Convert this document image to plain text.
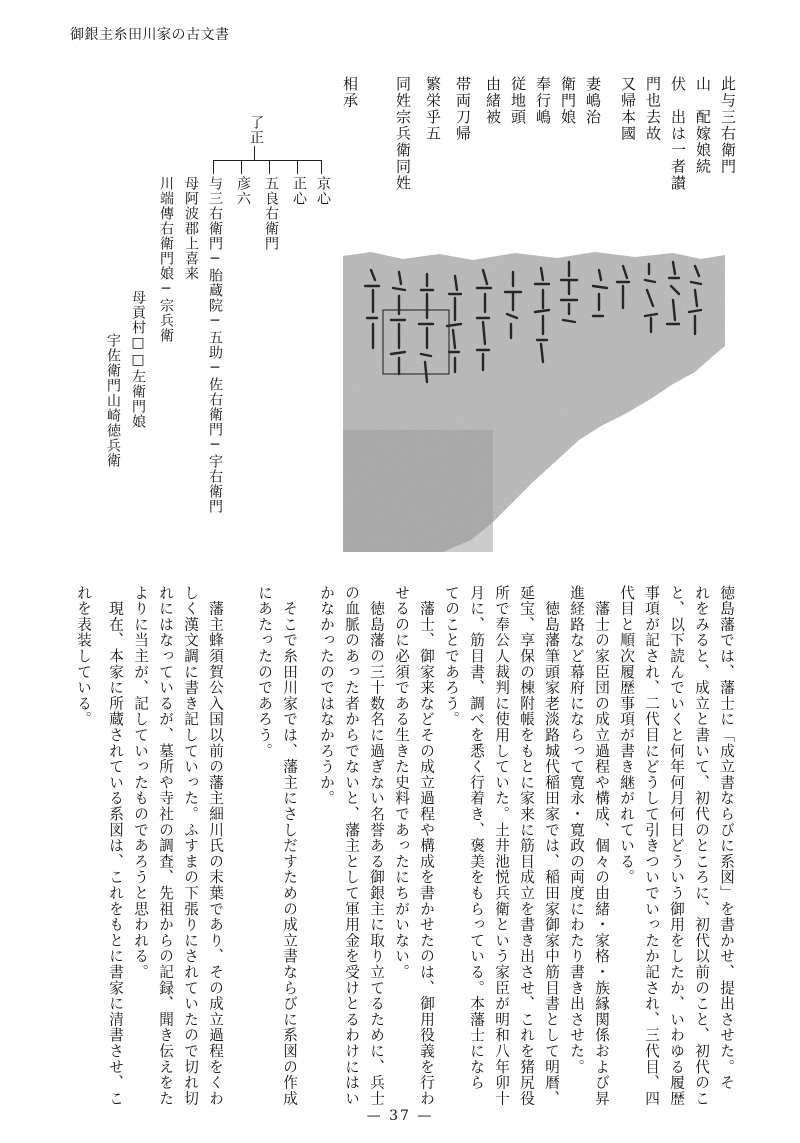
御銀主糸田川家の古文書
此与三右衛門
山　配嫁娘続
伏　出は一者讃
門也去故
又帰本國
妻嶋治
衛門娘
奉行嶋
従地頭
由緒被
帯両刀帰
繁栄乎五
同姓宗兵衛同姓
相承
了正
京心
正心
五良右衛門
彦六
与三右衛門─胎蔵院─五助─佐右衛門─宇右衛門
母阿波郡上喜来
川端傳右衛門娘─宗兵衛
母貢村□□左衛門娘
宇佐衛門山崎徳兵衛
徳島藩では、藩士に「成立書ならびに系図」を書かせ、提出させた。そ
れをみると、成立と書いて、初代のところに、初代以前のこと、初代のこ
と、以下読んでいくと何年何月何日どういう御用をしたか、いわゆる履歴
事項が記され、二代目にどうして引きついでいったか記され、三代目、四
代目と順次履歴事項が書き継がれている。
　藩士の家臣団の成立過程や構成、個々の由緒・家格・族縁関係および昇
進経路など幕府にならって寛永・寛政の両度にわたり書き出させた。
　徳島藩筆頭家老淡路城代稲田家では、稲田家御家中筋目書として明暦、
延宝、享保の棟附帳をもとに家来に筋目成立を書き出させ、これを猪尻役
所で奉公人裁判に使用していた。土井池悦兵衛という家臣が明和八年卯十
月に、筋目書、調べを悉く行着き、褒美をもらっている。本藩士になら
てのことであろう。
　藩士、御家来などその成立過程や構成を書かせたのは、御用役義を行わ
せるのに必須である生きた史料であったにちがいない。
　徳島藩の三十数名に過ぎない名誉ある御銀主に取り立てるために、兵士
の血脈のあった者からでないと、藩主として軍用金を受けとるわけにはい
かなかったのではなかろうか。
　そこで糸田川家では、藩主にさしだすための成立書ならびに系図の作成
にあたったのであろう。
　藩主蜂須賀公入国以前の藩主細川氏の末葉であり、その成立過程をくわ
しく漢文調に書き記していった。ふすまの下張りにされていたので切れ切
れにはなっているが、墓所や寺社の調査、先祖からの記録、聞き伝えをた
よりに当主が、記していったものであろうと思われる。
　現在、本家に所蔵されている系図は、これをもとに書家に清書させ、こ
れを表装している。
— 37 —
